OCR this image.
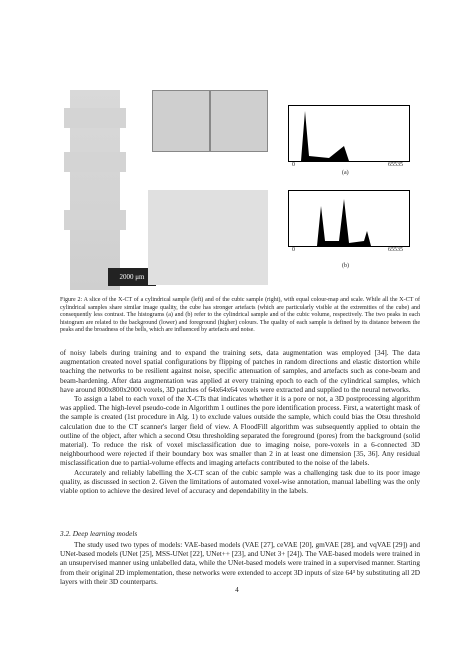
2000 μm
0	65535
(a)
0	65535
(b)
Figure 2: A slice of the X-CT of a cylindrical sample (left) and of the cubic sample (right), with equal colour-map and scale. While all the X-CT of cylindrical samples share similar image quality, the cube has stronger artefacts (which are particularly visible at the extremities of the cube) and consequently less contrast. The histograms (a) and (b) refer to the cylindrical sample and of the cubic volume, respectively. The two peaks in each histogram are related to the background (lower) and foreground (higher) colours. The quality of each sample is defined by its distance between the peaks and the broadness of the bells, which are influenced by artefacts and noise.

of noisy labels during training and to expand the training sets, data augmentation was employed [34]. The data augmentation created novel spatial configurations by flipping of patches in random directions and elastic distortion while teaching the networks to be resilient against noise, specific attenuation of samples, and artefacts such as cone-beam and beam-hardening. After data augmentation was applied at every training epoch to each of the cylindrical samples, which have around 800x800x2000 voxels, 3D patches of 64x64x64 voxels were extracted and supplied to the neural networks.

To assign a label to each voxel of the X-CTs that indicates whether it is a pore or not, a 3D postprocessing algorithm was applied. The high-level pseudo-code in Algorithm 1 outlines the pore identification process. First, a watertight mask of the sample is created (1st procedure in Alg. 1) to exclude values outside the sample, which could bias the Otsu threshold calculation due to the CT scanner's larger field of view. A FloodFill algorithm was subsequently applied to obtain the outline of the object, after which a second Otsu thresholding separated the foreground (pores) from the background (solid material). To reduce the risk of voxel misclassification due to imaging noise, pore-voxels in a 6-connected 3D neighbourhood were rejected if their boundary box was smaller than 2 in at least one dimension [35, 36]. Any residual misclassification due to partial-volume effects and imaging artefacts contributed to the noise of the labels.

Accurately and reliably labelling the X-CT scan of the cubic sample was a challenging task due to its poor image quality, as discussed in section 2. Given the limitations of automated voxel-wise annotation, manual labelling was the only viable option to achieve the desired level of accuracy and dependability in the labels.

3.2. Deep learning models

The study used two types of models: VAE-based models (VAE [27], ceVAE [20], gmVAE [28], and vqVAE [29]) and UNet-based models (UNet [25], MSS-UNet [22], UNet++ [23], and UNet 3+ [24]). The VAE-based models were trained in an unsupervised manner using unlabelled data, while the UNet-based models were trained in a supervised manner. Starting from their original 2D implementation, these networks were extended to accept 3D inputs of size 64³ by substituting all 2D layers with their 3D counterparts.

4
